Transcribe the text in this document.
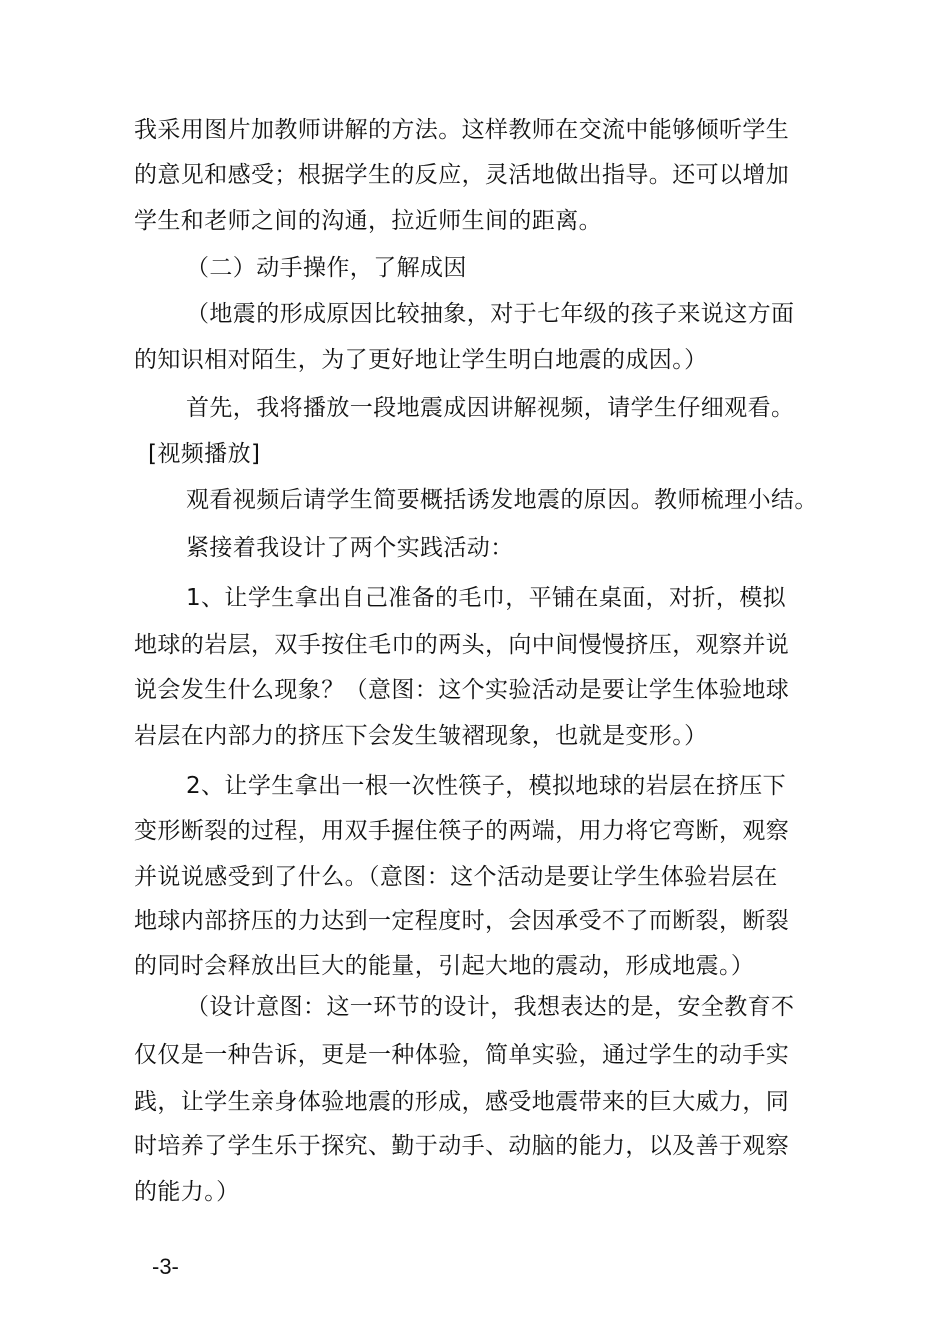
我采用图片加教师讲解的方法。这样教师在交流中能够倾听学生
的意见和感受；根据学生的反应，灵活地做出指导。还可以增加
学生和老师之间的沟通，拉近师生间的距离。
（二）动手操作，了解成因
（地震的形成原因比较抽象，对于七年级的孩子来说这方面
的知识相对陌生，为了更好地让学生明白地震的成因。）
首先，我将播放一段地震成因讲解视频，请学生仔细观看。
[视频播放]
观看视频后请学生简要概括诱发地震的原因。教师梳理小结。
紧接着我设计了两个实践活动：
1、让学生拿出自己准备的毛巾，平铺在桌面，对折，模拟
地球的岩层，双手按住毛巾的两头，向中间慢慢挤压，观察并说
说会发生什么现象？（意图：这个实验活动是要让学生体验地球
岩层在内部力的挤压下会发生皱褶现象，也就是变形。）
2、让学生拿出一根一次性筷子，模拟地球的岩层在挤压下
变形断裂的过程，用双手握住筷子的两端，用力将它弯断，观察
并说说感受到了什么。（意图：这个活动是要让学生体验岩层在
地球内部挤压的力达到一定程度时，会因承受不了而断裂，断裂
的同时会释放出巨大的能量，引起大地的震动，形成地震。）
（设计意图：这一环节的设计，我想表达的是，安全教育不
仅仅是一种告诉，更是一种体验，简单实验，通过学生的动手实
践，让学生亲身体验地震的形成，感受地震带来的巨大威力，同
时培养了学生乐于探究、勤于动手、动脑的能力，以及善于观察
的能力。）
-3-
